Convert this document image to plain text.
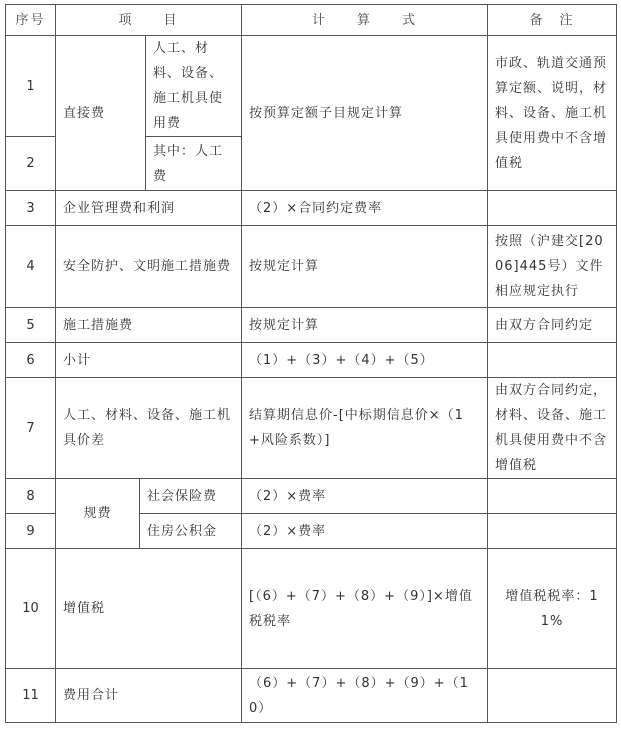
序号	项　　目			计　　算　　式	备　注
1	直接费		人工、材料、设备、施工机具使用费	按预算定额子目规定计算	市政、轨道交通预算定额、说明，材料、设备、施工机具使用费中不含增值税
2			其中：人工费		
3	企业管理费和利润			（2）×合同约定费率	
4	安全防护、文明施工措施费			按规定计算	按照（沪建交[2006]445号）文件相应规定执行
5	施工措施费			按规定计算	由双方合同约定
6	小计			（1）+（3）+（4）+（5）	
7	人工、材料、设备、施工机具价差			结算期信息价-[中标期信息价×（1+风险系数）]	由双方合同约定，材料、设备、施工机具使用费中不含增值税
8	规费	社会保险费		（2）×费率	
9		住房公积金		（2）×费率	
10	增值税			[（6）+（7）+（8）+（9）]×增值税税率	增值税税率：11%
11	费用合计			（6）+（7）+（8）+（9）+（10）	
